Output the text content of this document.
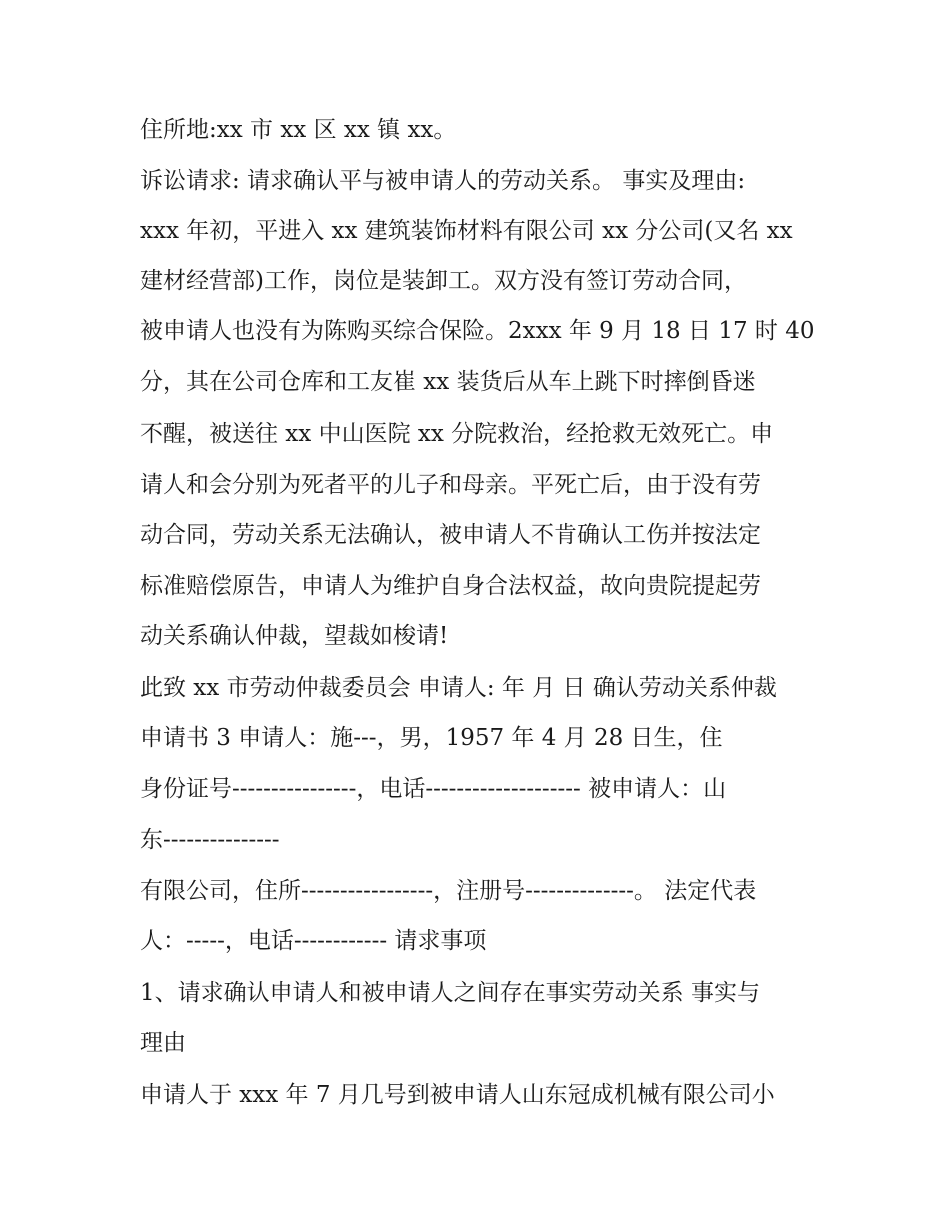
住所地:xx 市 xx 区 xx 镇 xx。
诉讼请求: 请求确认平与被申请人的劳动关系。 事实及理由:
xxx 年初，平进入 xx 建筑装饰材料有限公司 xx 分公司(又名 xx
建材经营部)工作，岗位是装卸工。双方没有签订劳动合同，
被申请人也没有为陈购买综合保险。2xxx 年 9 月 18 日 17 时 40
分，其在公司仓库和工友崔 xx 装货后从车上跳下时摔倒昏迷
不醒，被送往 xx 中山医院 xx 分院救治，经抢救无效死亡。申
请人和会分别为死者平的儿子和母亲。平死亡后，由于没有劳
动合同，劳动关系无法确认，被申请人不肯确认工伤并按法定
标准赔偿原告，申请人为维护自身合法权益，故向贵院提起劳
动关系确认仲裁，望裁如梭请!
此致 xx 市劳动仲裁委员会 申请人: 年 月 日 确认劳动关系仲裁
申请书 3 申请人：施---，男，1957 年 4 月 28 日生，住
身份证号----------------，电话-------------------- 被申请人：山
东---------------
有限公司，住所-----------------，注册号--------------。 法定代表
人：-----，电话------------ 请求事项
1、请求确认申请人和被申请人之间存在事实劳动关系 事实与
理由
申请人于 xxx 年 7 月几号到被申请人山东冠成机械有限公司小
